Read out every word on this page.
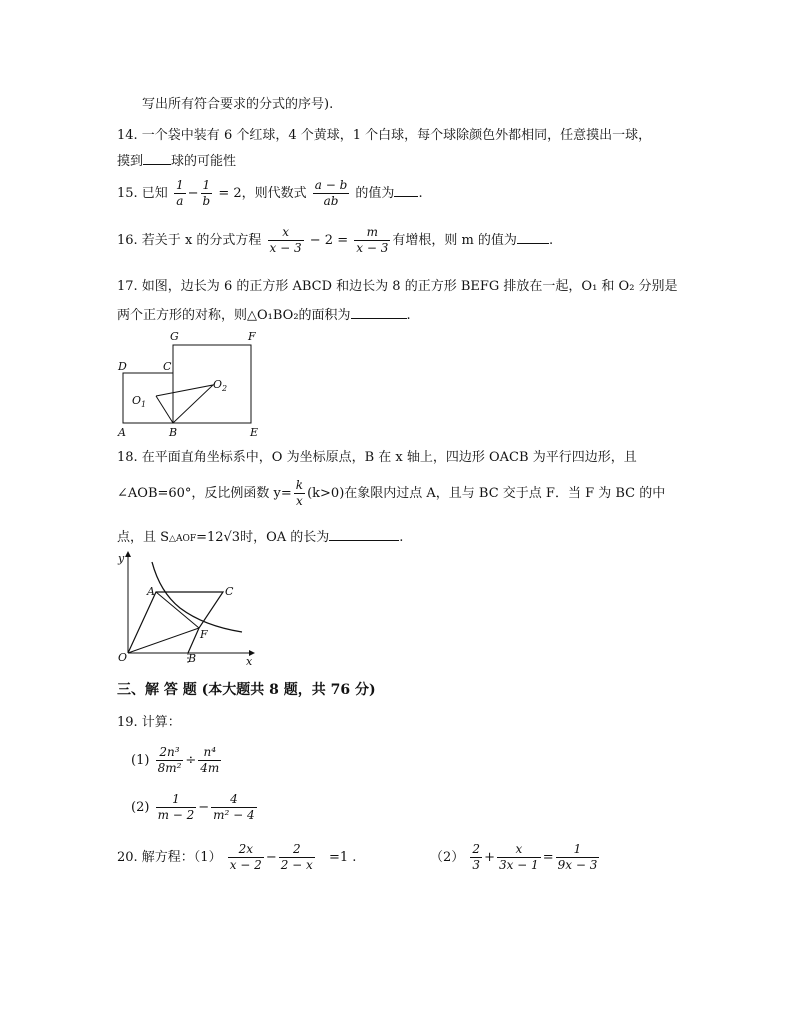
写出所有符合要求的分式的序号).
14. 一个袋中装有 6 个红球，4 个黄球，1 个白球，每个球除颜色外都相同，任意摸出一球，
摸到 球的可能性
15. 已知 $\frac{1}{a} - \frac{1}{b} = 2$，则代数式 $\frac{a - b}{ab}$ 的值为 .
16. 若关于 x 的分式方程 $\frac{x}{x - 3} - 2 = \frac{m}{x - 3}$ 有增根，则 m 的值为 .
17. 如图，边长为 6 的正方形 ABCD 和边长为 8 的正方形 BEFG 排放在一起，O₁ 和 O₂ 分别是
两个正方形的对称，则△O₁BO₂的面积为	.
G	F
D	C
$O_1$
$O_2$
A	B	E
18. 在平面直角坐标系中，O 为坐标原点，B 在 x 轴上，四边形 OACB 为平行四边形，且
∠AOB=60°，反比例函数 $y= \frac{k}{x} (k>0)$在象限内过点 A，且与 BC 交于点 F．当 F 为 BC 的中
点，且 S△AOF=12√3时，OA 的长为	.
y
x
O
A	C
F
B
三、解 答 题 (本大题共 8 题，共 76 分)
19. 计算：
$(1) \frac{\text{2n³}}{\text{8m²}} \div \frac{\text{n⁴}}{4m}$
$(2) \frac{1}{m - 2} - \frac{4}{\text{m² − 4}}$
20. 解方程：$(1) \frac{2x}{x - 2} - \frac{2}{2 - x} =1$ .	$(2) \frac{2}{3} + \frac{x}{3x - 1} = \frac{1}{9x - 3}$
